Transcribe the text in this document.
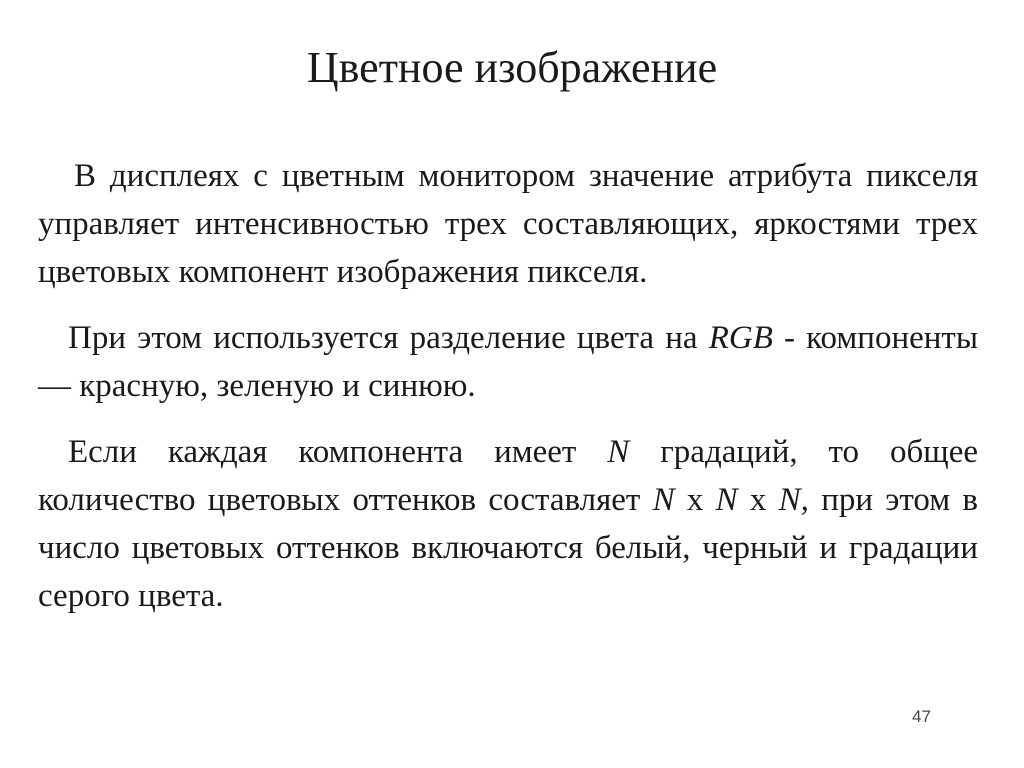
Цветное изображение

В дисплеях с цветным монитором значение атрибута пикселя управляет интенсивностью трех составляющих, яркостями трех цветовых компонент изображения пикселя.

При этом используется разделение цвета на RGB - компоненты — красную, зеленую и синюю.

Если каждая компонента имеет N градаций, то общее количество цветовых оттенков составляет N х N х N, при этом в число цветовых оттенков включаются белый, черный и градации серого цвета.

47
